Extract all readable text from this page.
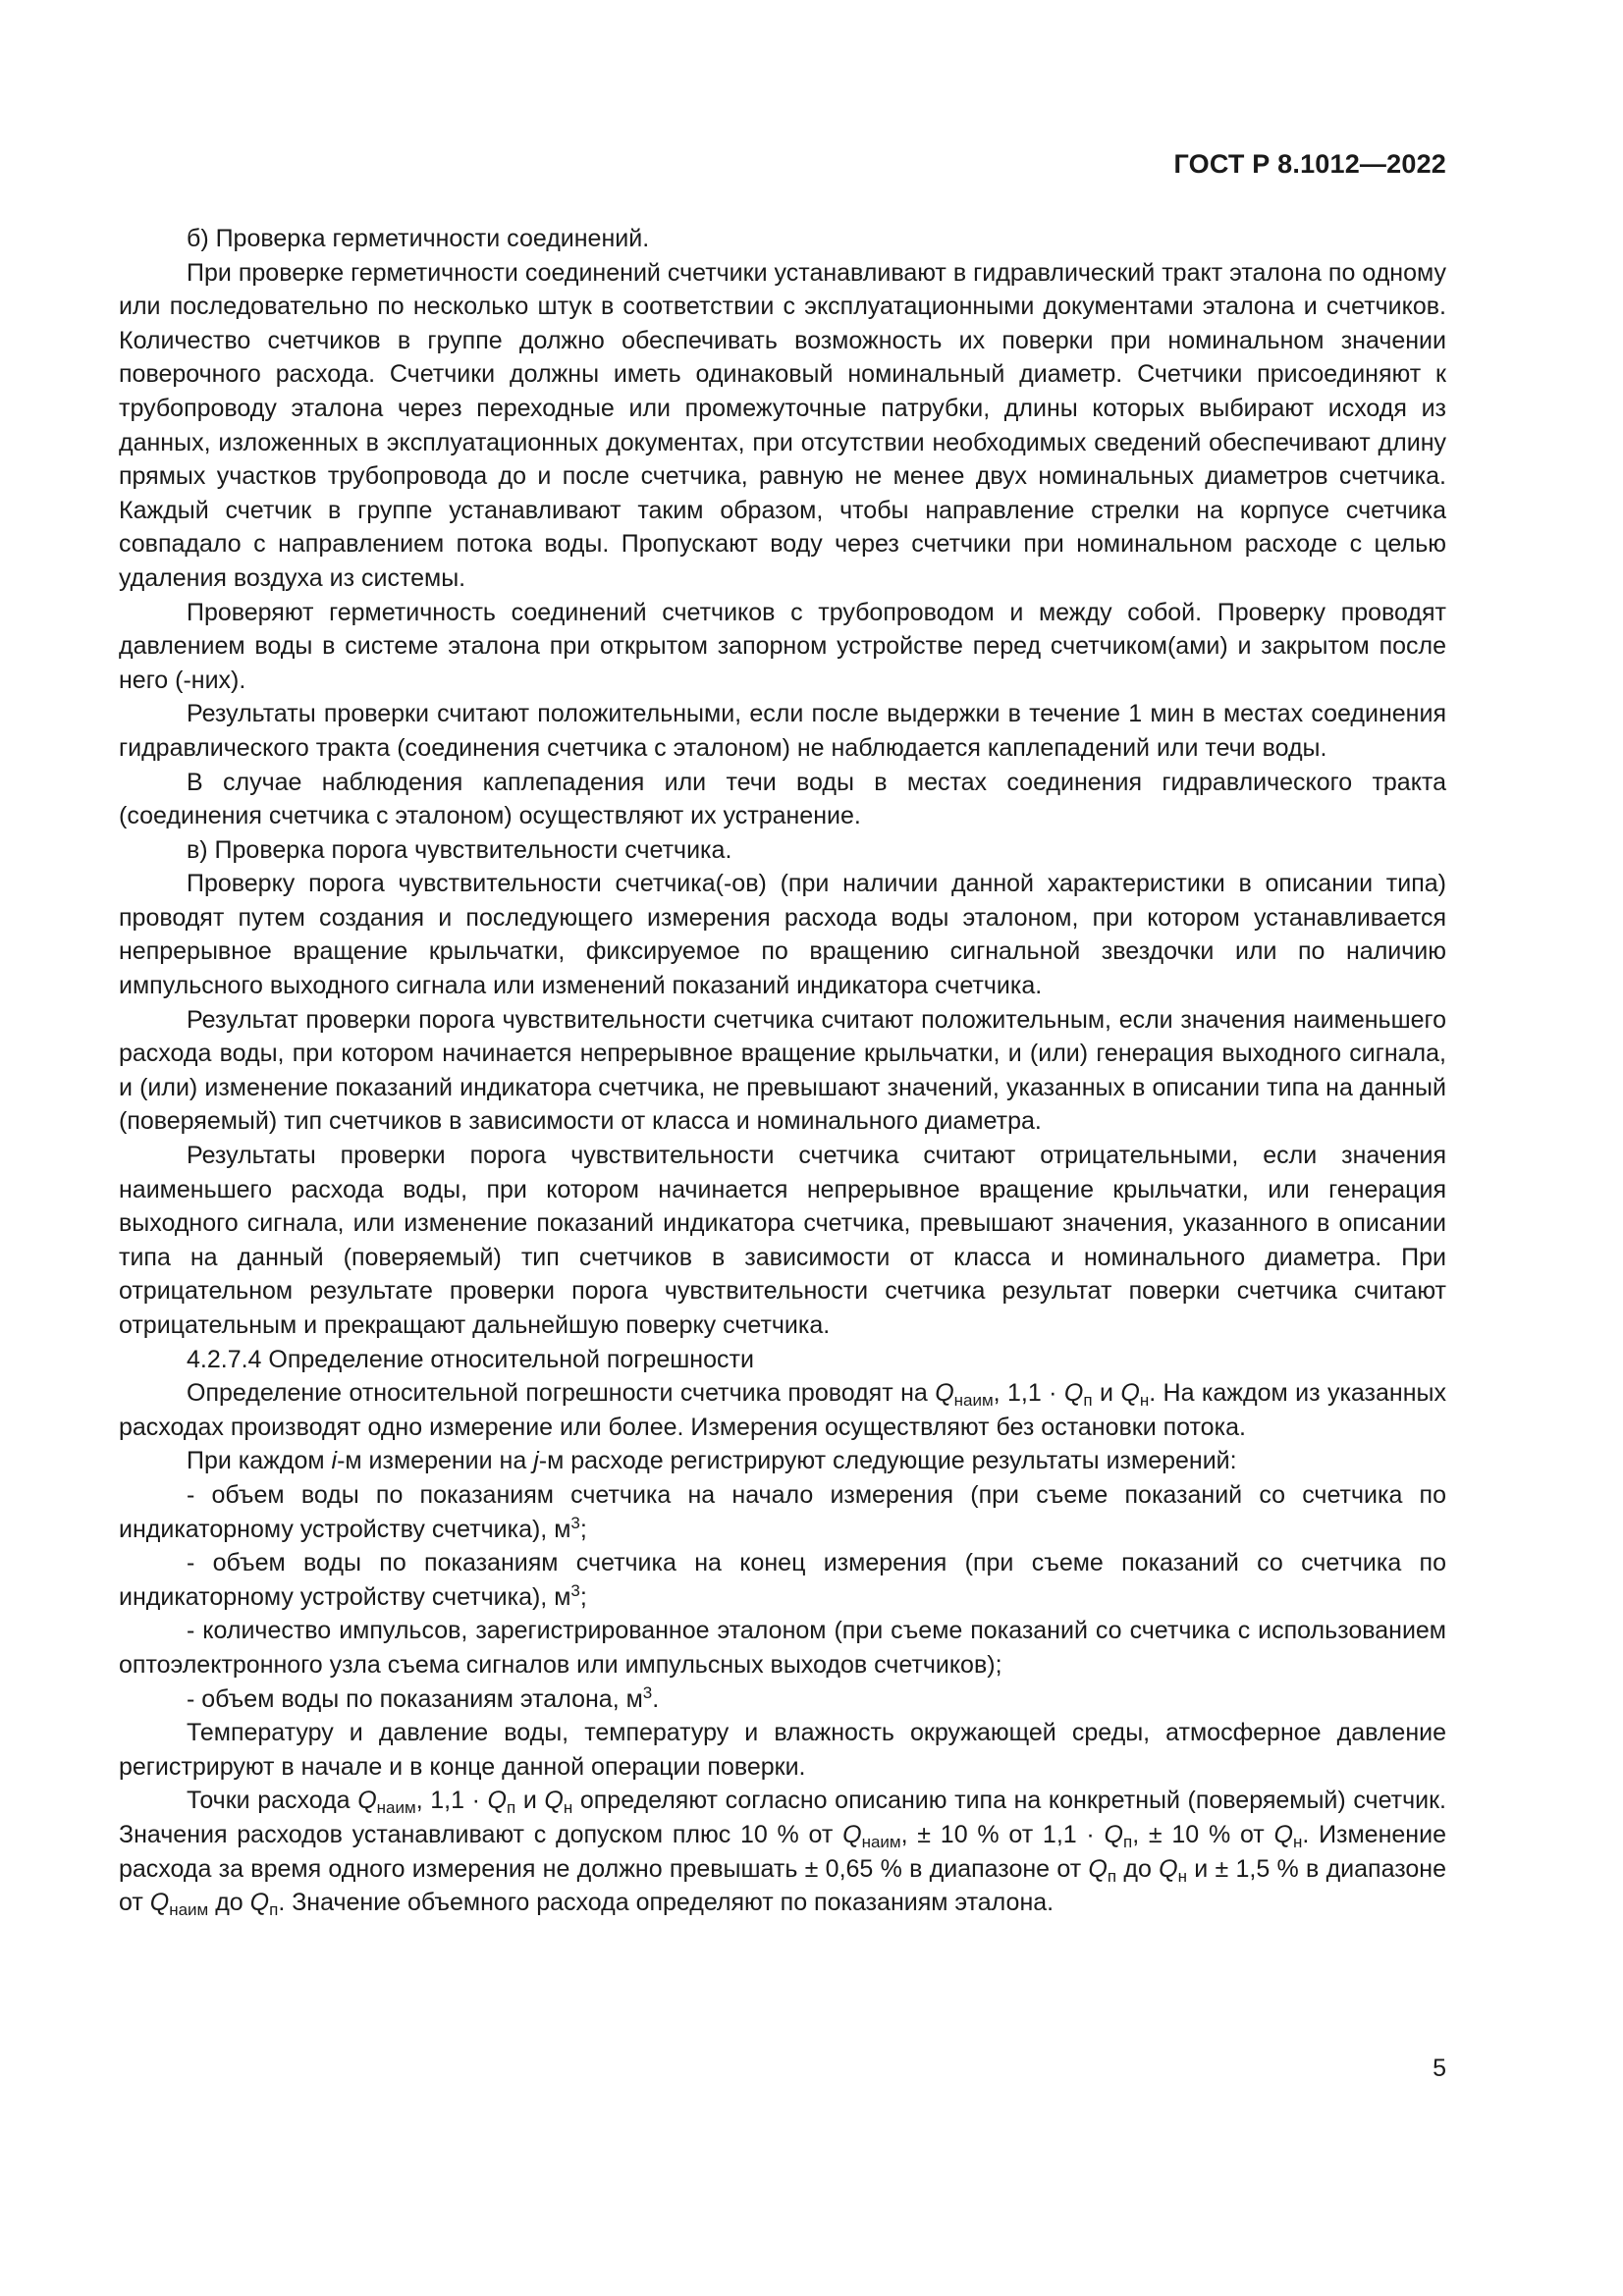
ГОСТ Р 8.1012—2022

б) Проверка герметичности соединений.

При проверке герметичности соединений счетчики устанавливают в гидравлический тракт эталона по одному или последовательно по несколько штук в соответствии с эксплуатационными документами эталона и счетчиков. Количество счетчиков в группе должно обеспечивать возможность их поверки при номинальном значении поверочного расхода. Счетчики должны иметь одинаковый номинальный диаметр. Счетчики присоединяют к трубопроводу эталона через переходные или промежуточные патрубки, длины которых выбирают исходя из данных, изложенных в эксплуатационных документах, при отсутствии необходимых сведений обеспечивают длину прямых участков трубопровода до и после счетчика, равную не менее двух номинальных диаметров счетчика. Каждый счетчик в группе устанавливают таким образом, чтобы направление стрелки на корпусе счетчика совпадало с направлением потока воды. Пропускают воду через счетчики при номинальном расходе с целью удаления воздуха из системы.

Проверяют герметичность соединений счетчиков с трубопроводом и между собой. Проверку проводят давлением воды в системе эталона при открытом запорном устройстве перед счетчиком(ами) и закрытом после него (-них).

Результаты проверки считают положительными, если после выдержки в течение 1 мин в местах соединения гидравлического тракта (соединения счетчика с эталоном) не наблюдается каплепадений или течи воды.

В случае наблюдения каплепадения или течи воды в местах соединения гидравлического тракта (соединения счетчика с эталоном) осуществляют их устранение.

в) Проверка порога чувствительности счетчика.

Проверку порога чувствительности счетчика(-ов) (при наличии данной характеристики в описании типа) проводят путем создания и последующего измерения расхода воды эталоном, при котором устанавливается непрерывное вращение крыльчатки, фиксируемое по вращению сигнальной звездочки или по наличию импульсного выходного сигнала или изменений показаний индикатора счетчика.

Результат проверки порога чувствительности счетчика считают положительным, если значения наименьшего расхода воды, при котором начинается непрерывное вращение крыльчатки, и (или) генерация выходного сигнала, и (или) изменение показаний индикатора счетчика, не превышают значений, указанных в описании типа на данный (поверяемый) тип счетчиков в зависимости от класса и номинального диаметра.

Результаты проверки порога чувствительности счетчика считают отрицательными, если значения наименьшего расхода воды, при котором начинается непрерывное вращение крыльчатки, или генерация выходного сигнала, или изменение показаний индикатора счетчика, превышают значения, указанного в описании типа на данный (поверяемый) тип счетчиков в зависимости от класса и номинального диаметра. При отрицательном результате проверки порога чувствительности счетчика результат поверки счетчика считают отрицательным и прекращают дальнейшую поверку счетчика.

4.2.7.4 Определение относительной погрешности

Определение относительной погрешности счетчика проводят на $Q_{наим}$, $1,1 \cdot Q_п$ и $Q_н$. На каждом из указанных расходах производят одно измерение или более. Измерения осуществляют без остановки потока.

При каждом i-м измерении на j-м расходе регистрируют следующие результаты измерений:

- объем воды по показаниям счетчика на начало измерения (при съеме показаний со счетчика по индикаторному устройству счетчика), $м^3$;

- объем воды по показаниям счетчика на конец измерения (при съеме показаний со счетчика по индикаторному устройству счетчика), $м^3$;

- количество импульсов, зарегистрированное эталоном (при съеме показаний со счетчика с использованием оптоэлектронного узла съема сигналов или импульсных выходов счетчиков);

- объем воды по показаниям эталона, $м^3$.

Температуру и давление воды, температуру и влажность окружающей среды, атмосферное давление регистрируют в начале и в конце данной операции поверки.

Точки расхода $Q_{наим}$, $1,1 \cdot Q_п$ и $Q_н$ определяют согласно описанию типа на конкретный (поверяемый) счетчик. Значения расходов устанавливают с допуском плюс 10 % от $Q_{наим}$, ± 10 % от $1,1 \cdot Q_п$, ± 10 % от $Q_н$. Изменение расхода за время одного измерения не должно превышать ± 0,65 % в диапазоне от $Q_п$ до $Q_н$ и ± 1,5 % в диапазоне от $Q_{наим}$ до $Q_п$. Значение объемного расхода определяют по показаниям эталона.

5
